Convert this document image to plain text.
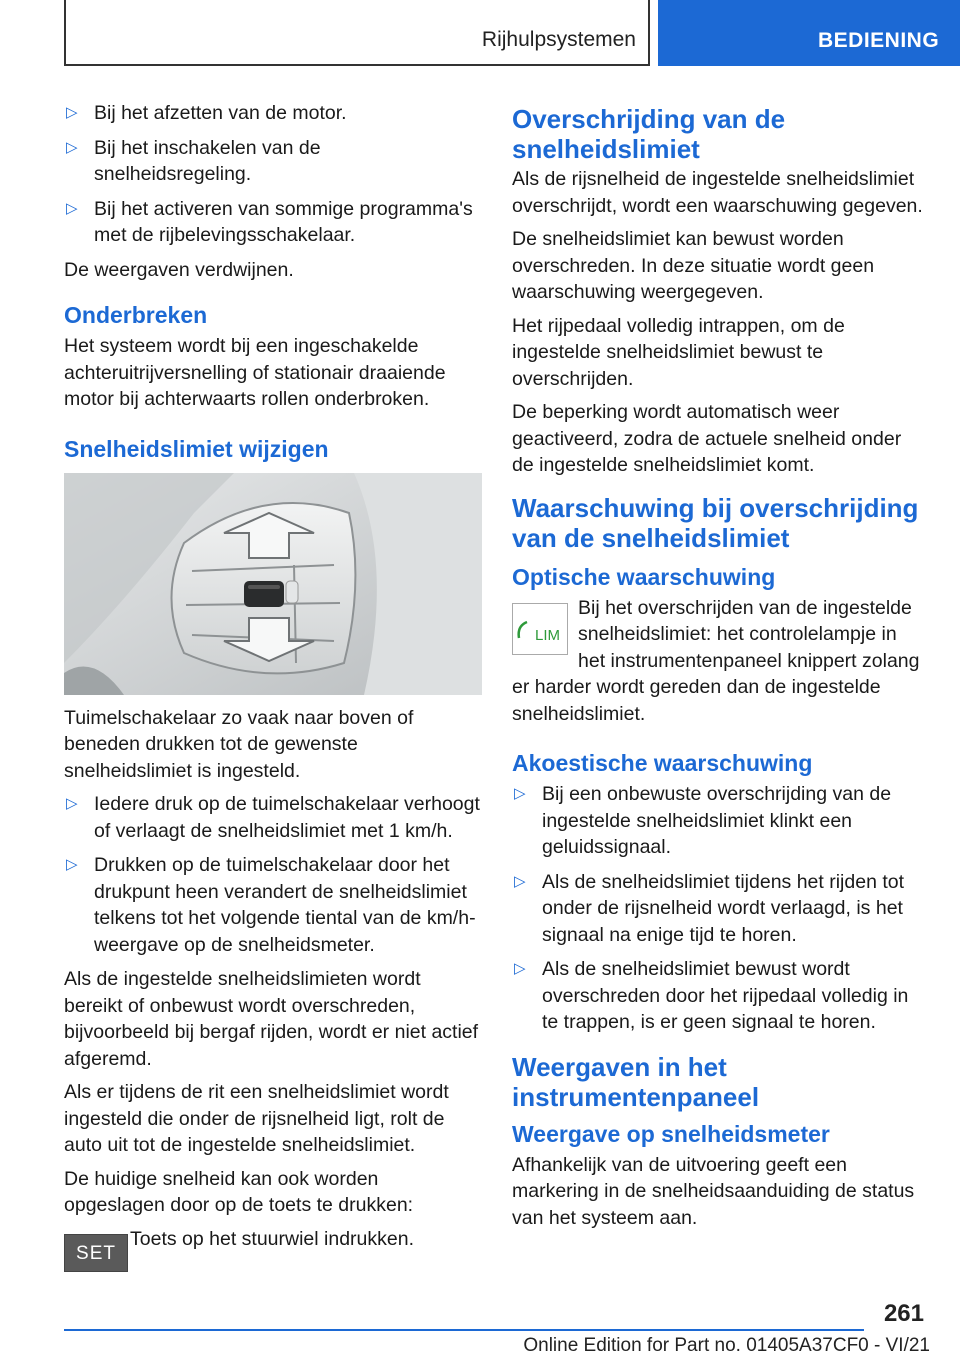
Rijhulpsystemen	BEDIENING
▷ Bij het afzetten van de motor.
▷ Bij het inschakelen van de snelheidsregeling.
▷ Bij het activeren van sommige programma's met de rijbelevingsschakelaar.

De weergaven verdwijnen.

Onderbreken

Het systeem wordt bij een ingeschakelde achteruitrijversnelling of stationair draaiende motor bij achterwaarts rollen onderbroken.

Snelheidslimiet wijzigen

Tuimelschakelaar zo vaak naar boven of beneden drukken tot de gewenste snelheidslimiet is ingesteld.

▷ Iedere druk op de tuimelschakelaar verhoogt of verlaagt de snelheidslimiet met 1 km/h.
▷ Drukken op de tuimelschakelaar door het drukpunt heen verandert de snelheidslimiet telkens tot het volgende tiental van de km/h-weergave op de snelheidsmeter.

Als de ingestelde snelheidslimieten wordt bereikt of onbewust wordt overschreden, bijvoorbeeld bij bergaf rijden, wordt er niet actief afgeremd.

Als er tijdens de rit een snelheidslimiet wordt ingesteld die onder de rijsnelheid ligt, rolt de auto uit tot de ingestelde snelheidslimiet.

De huidige snelheid kan ook worden opgeslagen door op de toets te drukken:

SET

Toets op het stuurwiel indrukken.

Overschrijding van de snelheidslimiet

Als de rijsnelheid de ingestelde snelheidslimiet overschrijdt, wordt een waarschuwing gegeven.

De snelheidslimiet kan bewust worden overschreden. In deze situatie wordt geen waarschuwing weergegeven.

Het rijpedaal volledig intrappen, om de ingestelde snelheidslimiet bewust te overschrijden.

De beperking wordt automatisch weer geactiveerd, zodra de actuele snelheid onder de ingestelde snelheidslimiet komt.

Waarschuwing bij overschrijding van de snelheidslimiet
Optische waarschuwing
LIM

Bij het overschrijden van de ingestelde snelheidslimiet: het controlelampje in het instrumentenpaneel knippert zolang er harder wordt gereden dan de ingestelde snelheidslimiet.

Akoestische waarschuwing
▷ Bij een onbewuste overschrijding van de ingestelde snelheidslimiet klinkt een geluidssignaal.
▷ Als de snelheidslimiet tijdens het rijden tot onder de rijsnelheid wordt verlaagd, is het signaal na enige tijd te horen.
▷ Als de snelheidslimiet bewust wordt overschreden door het rijpedaal volledig in te trappen, is er geen signaal te horen.
Weergaven in het instrumentenpaneel
Weergave op snelheidsmeter

Afhankelijk van de uitvoering geeft een markering in de snelheidsaanduiding de status van het systeem aan.

261
Online Edition for Part no. 01405A37CF0 - VI/21
